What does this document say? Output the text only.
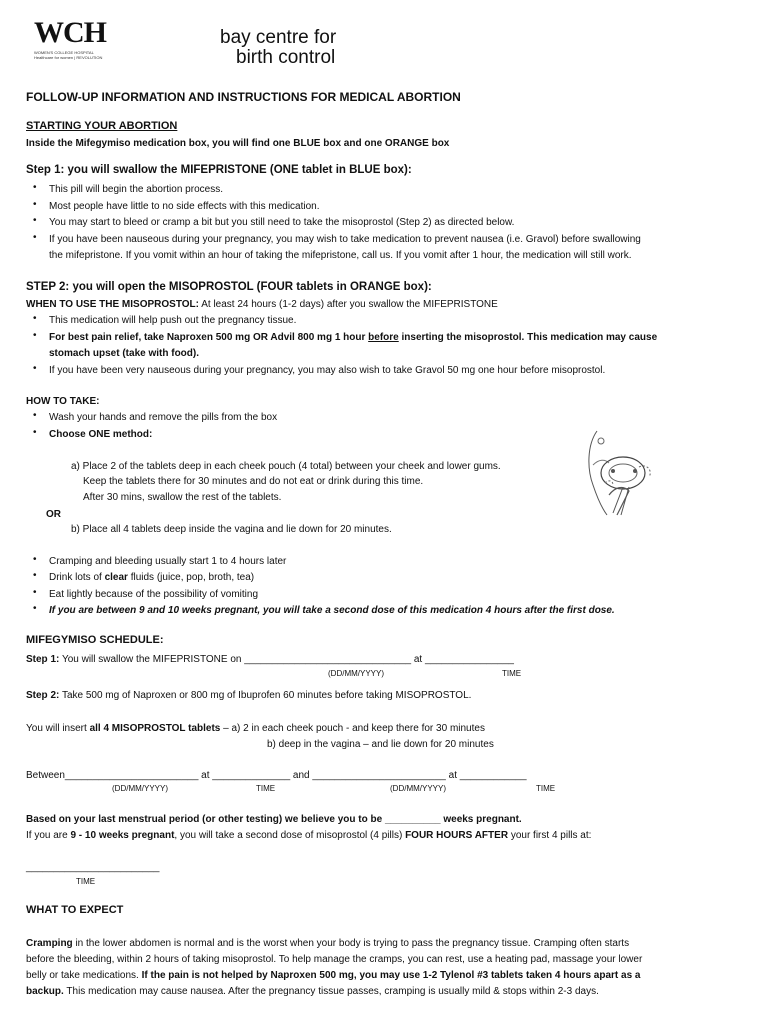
WCH
WOMEN'S COLLEGE HOSPITAL
Healthcare for women | REVOLUTION
bay centre for
birth control
FOLLOW-UP INFORMATION AND INSTRUCTIONS FOR MEDICAL ABORTION
STARTING YOUR ABORTION
Inside the Mifegymiso medication box, you will find one BLUE box and one ORANGE box
Step 1: you will swallow the MIFEPRISTONE (ONE tablet in BLUE box):
• This pill will begin the abortion process.
• Most people have little to no side effects with this medication.
• You may start to bleed or cramp a bit but you still need to take the misoprostol (Step 2) as directed below.
• If you have been nauseous during your pregnancy, you may wish to take medication to prevent nausea (i.e. Gravol) before swallowing
the mifepristone. If you vomit within an hour of taking the mifepristone, call us. If you vomit after 1 hour, the medication will still work.
STEP 2: you will open the MISOPROSTOL (FOUR tablets in ORANGE box):
WHEN TO USE THE MISOPROSTOL: At least 24 hours (1-2 days) after you swallow the MIFEPRISTONE
• This medication will help push out the pregnancy tissue.
• For best pain relief, take Naproxen 500 mg OR Advil 800 mg 1 hour before inserting the misoprostol. This medication may cause
stomach upset (take with food).
• If you have been very nauseous during your pregnancy, you may also wish to take Gravol 50 mg one hour before misoprostol.
HOW TO TAKE:
• Wash your hands and remove the pills from the box
• Choose ONE method:
a) Place 2 of the tablets deep in each cheek pouch (4 total) between your cheek and lower gums.
Keep the tablets there for 30 minutes and do not eat or drink during this time.
After 30 mins, swallow the rest of the tablets.
OR
b) Place all 4 tablets deep inside the vagina and lie down for 20 minutes.
• Cramping and bleeding usually start 1 to 4 hours later
• Drink lots of clear fluids (juice, pop, broth, tea)
• Eat lightly because of the possibility of vomiting
• If you are between 9 and 10 weeks pregnant, you will take a second dose of this medication 4 hours after the first dose.
MIFEGYMISO SCHEDULE:
Step 1: You will swallow the MIFEPRISTONE on ______________________________ at ________________
(DD/MM/YYYY)	TIME
Step 2: Take 500 mg of Naproxen or 800 mg of Ibuprofen 60 minutes before taking MISOPROSTOL.
You will insert all 4 MISOPROSTOL tablets – a) 2 in each cheek pouch - and keep there for 30 minutes
b) deep in the vagina – and lie down for 20 minutes
Between________________________ at ______________ and ________________________ at ____________
(DD/MM/YYYY)	TIME	(DD/MM/YYYY)	TIME
Based on your last menstrual period (or other testing) we believe you to be __________ weeks pregnant.
If you are 9 - 10 weeks pregnant, you will take a second dose of misoprostol (4 pills) FOUR HOURS AFTER your first 4 pills at:
________________________
TIME
WHAT TO EXPECT
Cramping in the lower abdomen is normal and is the worst when your body is trying to pass the pregnancy tissue. Cramping often starts
before the bleeding, within 2 hours of taking misoprostol. To help manage the cramps, you can rest, use a heating pad, massage your lower
belly or take medications. If the pain is not helped by Naproxen 500 mg, you may use 1-2 Tylenol #3 tablets taken 4 hours apart as a
backup. This medication may cause nausea. After the pregnancy tissue passes, cramping is usually mild & stops within 2-3 days.
